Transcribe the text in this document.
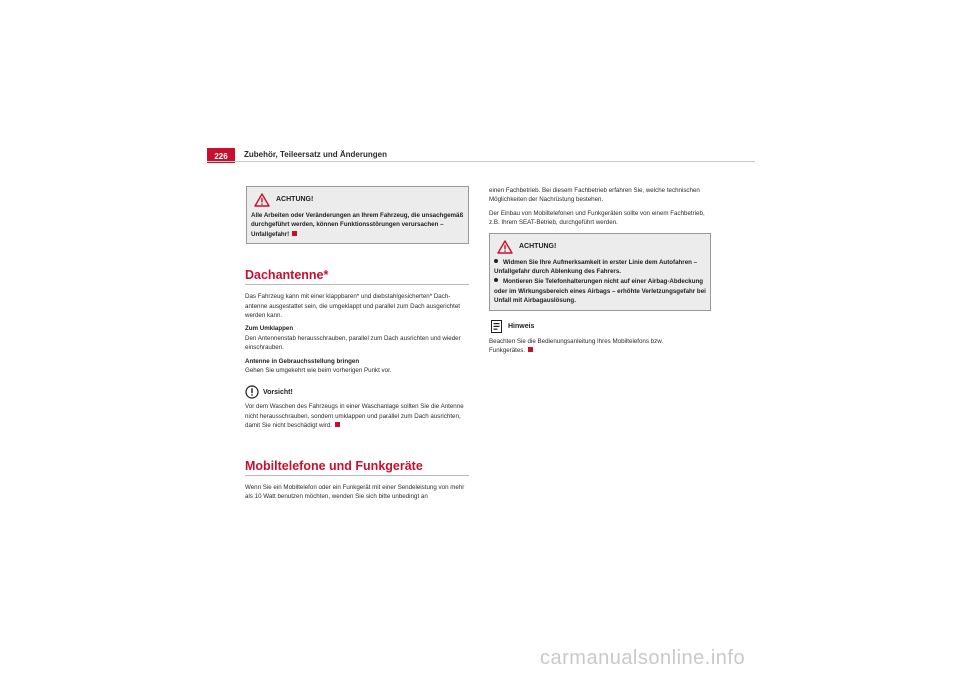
226	Zubehör, Teileersatz und Änderungen
ACHTUNG!

Alle Arbeiten oder Veränderungen an Ihrem Fahrzeug, die unsachgemäß durchgeführt werden, können Funktionsstörungen verursachen – Unfallgefahr!

Dachantenne*

Das Fahrzeug kann mit einer klappbaren* und diebstahlgesicherten* Dachantenne ausgestattet sein, die umgeklappt und parallel zum Dach ausgerichtet werden kann.

Zum Umklappen

Den Antennenstab herausschrauben, parallel zum Dach ausrichten und wieder einschrauben.

Antenne in Gebrauchsstellung bringen

Gehen Sie umgekehrt wie beim vorherigen Punkt vor.

Vorsicht!

Vor dem Waschen des Fahrzeugs in einer Waschanlage sollten Sie die Antenne nicht herausschrauben, sondern umklappen und parallel zum Dach ausrichten, damit Sie nicht beschädigt wird.

Mobiltelefone und Funkgeräte

Wenn Sie ein Mobiltelefon oder ein Funkgerät mit einer Sendeleistung von mehr als 10 Watt benutzen möchten, wenden Sie sich bitte unbedingt an

einen Fachbetrieb. Bei diesem Fachbetrieb erfahren Sie, welche technischen Möglichkeiten der Nachrüstung bestehen.

Der Einbau von Mobiltelefonen und Funkgeräten sollte von einem Fachbetrieb, z.B. Ihrem SEAT-Betrieb, durchgeführt werden.

ACHTUNG!

Widmen Sie Ihre Aufmerksamkeit in erster Linie dem Autofahren – Unfallgefahr durch Ablenkung des Fahrers.

Montieren Sie Telefonhalterungen nicht auf einer Airbag-Abdeckung oder im Wirkungsbereich eines Airbags – erhöhte Verletzungsgefahr bei Unfall mit Airbagauslösung.

Hinweis

Beachten Sie die Bedienungsanleitung Ihres Mobiltelefons bzw. Funkgerätes.

carmanualsonline.info
